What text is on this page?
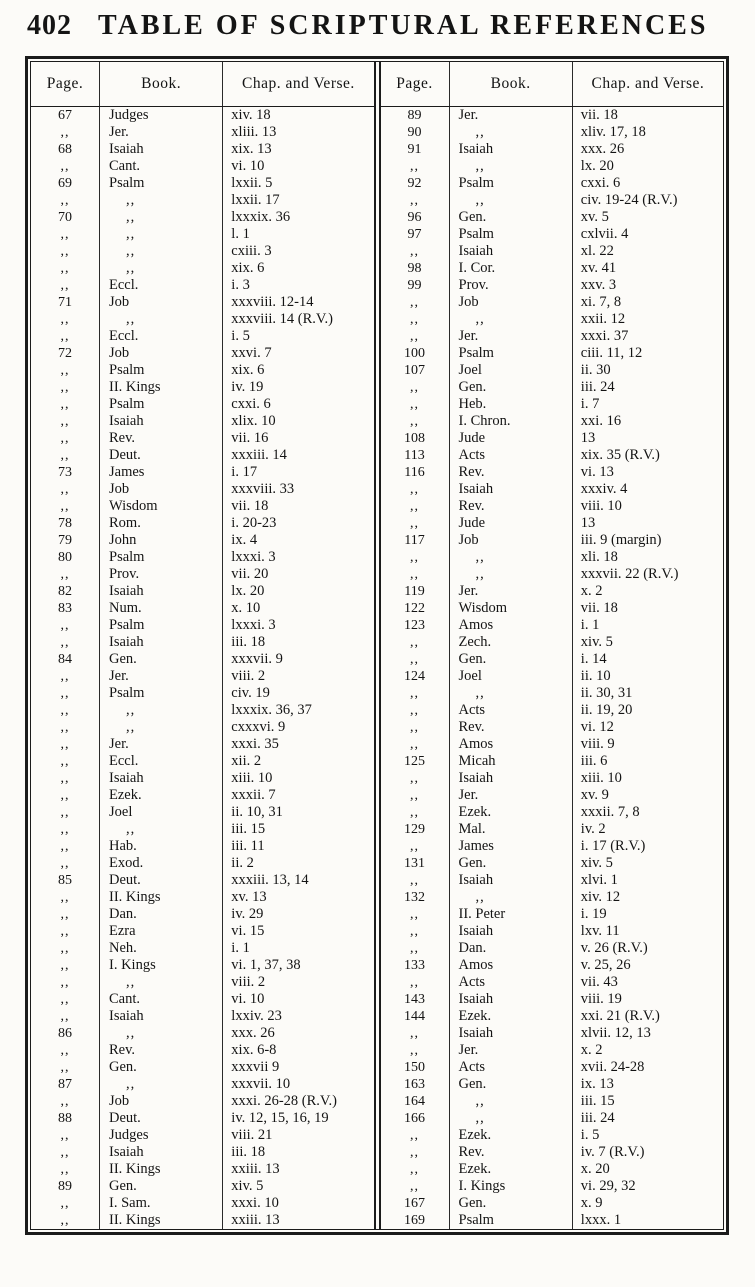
402 TABLE OF SCRIPTURAL REFERENCES
Page.	Book.	Chap. and Verse.
67	Judges	xiv. 18
,,	Jer.	xliii. 13
68	Isaiah	xix. 13
,,	Cant.	vi. 10
69	Psalm	lxxii. 5
,,	,,	lxxii. 17
70	,,	lxxxix. 36
,,	,,	l. 1
,,	,,	cxiii. 3
,,	,,	xix. 6
,,	Eccl.	i. 3
71	Job	xxxviii. 12-14
,,	,,	xxxviii. 14 (R.V.)
,,	Eccl.	i. 5
72	Job	xxvi. 7
,,	Psalm	xix. 6
,,	II. Kings	iv. 19
,,	Psalm	cxxi. 6
,,	Isaiah	xlix. 10
,,	Rev.	vii. 16
,,	Deut.	xxxiii. 14
73	James	i. 17
,,	Job	xxxviii. 33
,,	Wisdom	vii. 18
78	Rom.	i. 20-23
79	John	ix. 4
80	Psalm	lxxxi. 3
,,	Prov.	vii. 20
82	Isaiah	lx. 20
83	Num.	x. 10
,,	Psalm	lxxxi. 3
,,	Isaiah	iii. 18
84	Gen.	xxxvii. 9
,,	Jer.	viii. 2
,,	Psalm	civ. 19
,,	,,	lxxxix. 36, 37
,,	,,	cxxxvi. 9
,,	Jer.	xxxi. 35
,,	Eccl.	xii. 2
,,	Isaiah	xiii. 10
,,	Ezek.	xxxii. 7
,,	Joel	ii. 10, 31
,,	,,	iii. 15
,,	Hab.	iii. 11
,,	Exod.	ii. 2
85	Deut.	xxxiii. 13, 14
,,	II. Kings	xv. 13
,,	Dan.	iv. 29
,,	Ezra	vi. 15
,,	Neh.	i. 1
,,	I. Kings	vi. 1, 37, 38
,,	,,	viii. 2
,,	Cant.	vi. 10
,,	Isaiah	lxxiv. 23
86	,,	xxx. 26
,,	Rev.	xix. 6-8
,,	Gen.	xxxvii 9
87	,,	xxxvii. 10
,,	Job	xxxi. 26-28 (R.V.)
88	Deut.	iv. 12, 15, 16, 19
,,	Judges	viii. 21
,,	Isaiah	iii. 18
,,	II. Kings	xxiii. 13
89	Gen.	xiv. 5
,,	I. Sam.	xxxi. 10
,,	II. Kings	xxiii. 13
Page.	Book.	Chap. and Verse.
89	Jer.	vii. 18
90	,,	xliv. 17, 18
91	Isaiah	xxx. 26
,,	,,	lx. 20
92	Psalm	cxxi. 6
,,	,,	civ. 19-24 (R.V.)
96	Gen.	xv. 5
97	Psalm	cxlvii. 4
,,	Isaiah	xl. 22
98	I. Cor.	xv. 41
99	Prov.	xxv. 3
,,	Job	xi. 7, 8
,,	,,	xxii. 12
,,	Jer.	xxxi. 37
100	Psalm	ciii. 11, 12
107	Joel	ii. 30
,,	Gen.	iii. 24
,,	Heb.	i. 7
,,	I. Chron.	xxi. 16
108	Jude	13
113	Acts	xix. 35 (R.V.)
116	Rev.	vi. 13
,,	Isaiah	xxxiv. 4
,,	Rev.	viii. 10
,,	Jude	13
117	Job	iii. 9 (margin)
,,	,,	xli. 18
,,	,,	xxxvii. 22 (R.V.)
119	Jer.	x. 2
122	Wisdom	vii. 18
123	Amos	i. 1
,,	Zech.	xiv. 5
,,	Gen.	i. 14
124	Joel	ii. 10
,,	,,	ii. 30, 31
,,	Acts	ii. 19, 20
,,	Rev.	vi. 12
,,	Amos	viii. 9
125	Micah	iii. 6
,,	Isaiah	xiii. 10
,,	Jer.	xv. 9
,,	Ezek.	xxxii. 7, 8
129	Mal.	iv. 2
,,	James	i. 17 (R.V.)
131	Gen.	xiv. 5
,,	Isaiah	xlvi. 1
132	,,	xiv. 12
,,	II. Peter	i. 19
,,	Isaiah	lxv. 11
,,	Dan.	v. 26 (R.V.)
133	Amos	v. 25, 26
,,	Acts	vii. 43
143	Isaiah	viii. 19
144	Ezek.	xxi. 21 (R.V.)
,,	Isaiah	xlvii. 12, 13
,,	Jer.	x. 2
150	Acts	xvii. 24-28
163	Gen.	ix. 13
164	,,	iii. 15
166	,,	iii. 24
,,	Ezek.	i. 5
,,	Rev.	iv. 7 (R.V.)
,,	Ezek.	x. 20
,,	I. Kings	vi. 29, 32
167	Gen.	x. 9
169	Psalm	lxxx. 1
